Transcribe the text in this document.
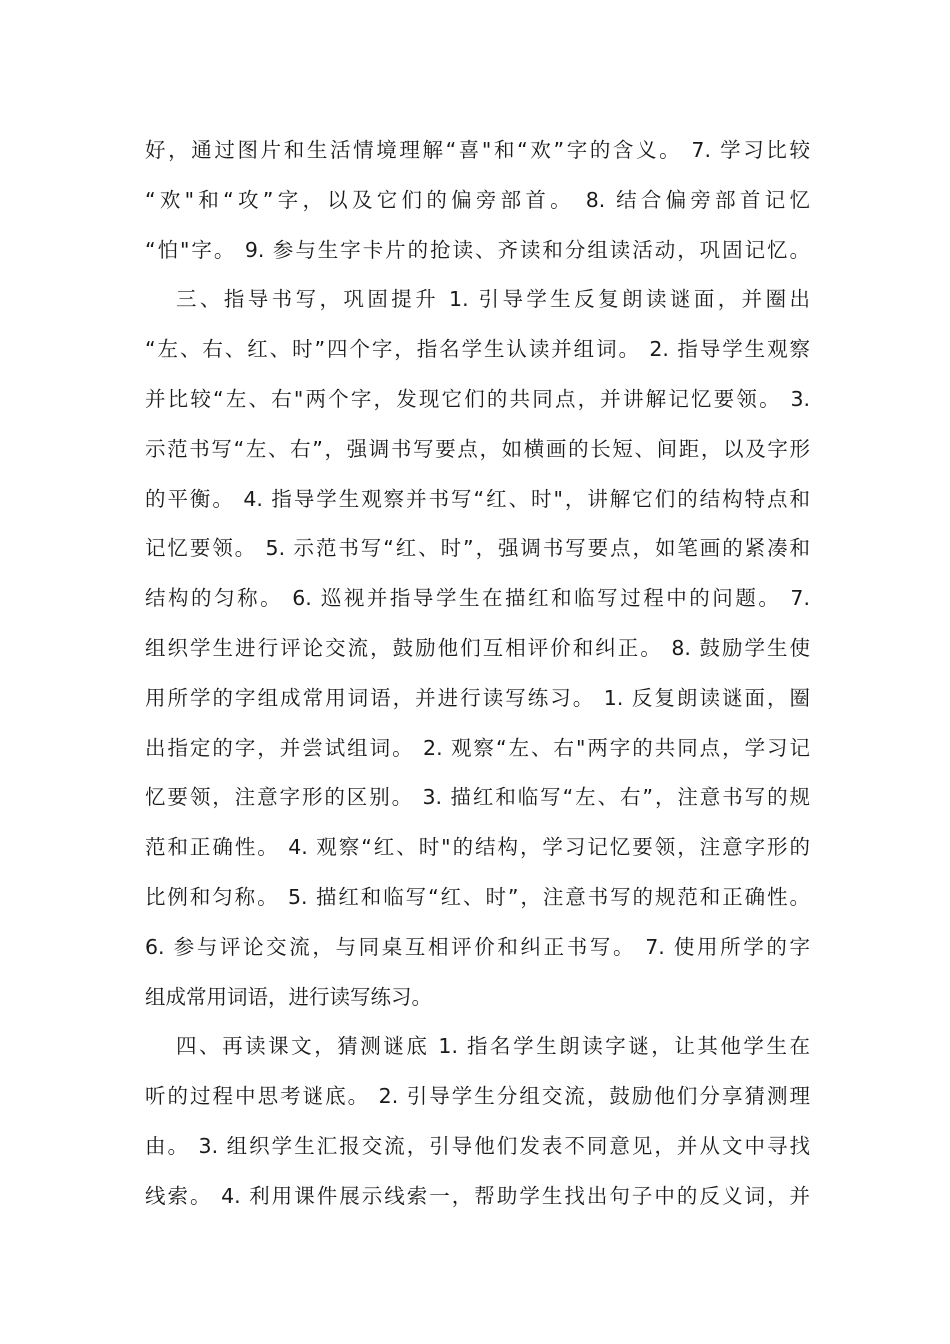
好，通过图片和生活情境理解“喜"和“欢”字的含义。 7. 学习比较
“欢"和“攻”字，以及它们的偏旁部首。 8. 结合偏旁部首记忆
“怕"字。 9. 参与生字卡片的抢读、齐读和分组读活动，巩固记忆。
三、指导书写，巩固提升 1. 引导学生反复朗读谜面，并圈出
“左、右、红、时”四个字，指名学生认读并组词。 2. 指导学生观察
并比较“左、右"两个字，发现它们的共同点，并讲解记忆要领。 3.
示范书写“左、右”，强调书写要点，如横画的长短、间距，以及字形
的平衡。 4. 指导学生观察并书写“红、时"，讲解它们的结构特点和
记忆要领。 5. 示范书写“红、时”，强调书写要点，如笔画的紧凑和
结构的匀称。 6. 巡视并指导学生在描红和临写过程中的问题。 7.
组织学生进行评论交流，鼓励他们互相评价和纠正。 8. 鼓励学生使
用所学的字组成常用词语，并进行读写练习。 1. 反复朗读谜面，圈
出指定的字，并尝试组词。 2. 观察“左、右"两字的共同点，学习记
忆要领，注意字形的区别。 3. 描红和临写“左、右”，注意书写的规
范和正确性。 4. 观察“红、时"的结构，学习记忆要领，注意字形的
比例和匀称。 5. 描红和临写“红、时”，注意书写的规范和正确性。
6. 参与评论交流，与同桌互相评价和纠正书写。 7. 使用所学的字
组成常用词语，进行读写练习。
四、再读课文，猜测谜底 1. 指名学生朗读字谜，让其他学生在
听的过程中思考谜底。 2. 引导学生分组交流，鼓励他们分享猜测理
由。 3. 组织学生汇报交流，引导他们发表不同意见，并从文中寻找
线索。 4. 利用课件展示线索一，帮助学生找出句子中的反义词，并
